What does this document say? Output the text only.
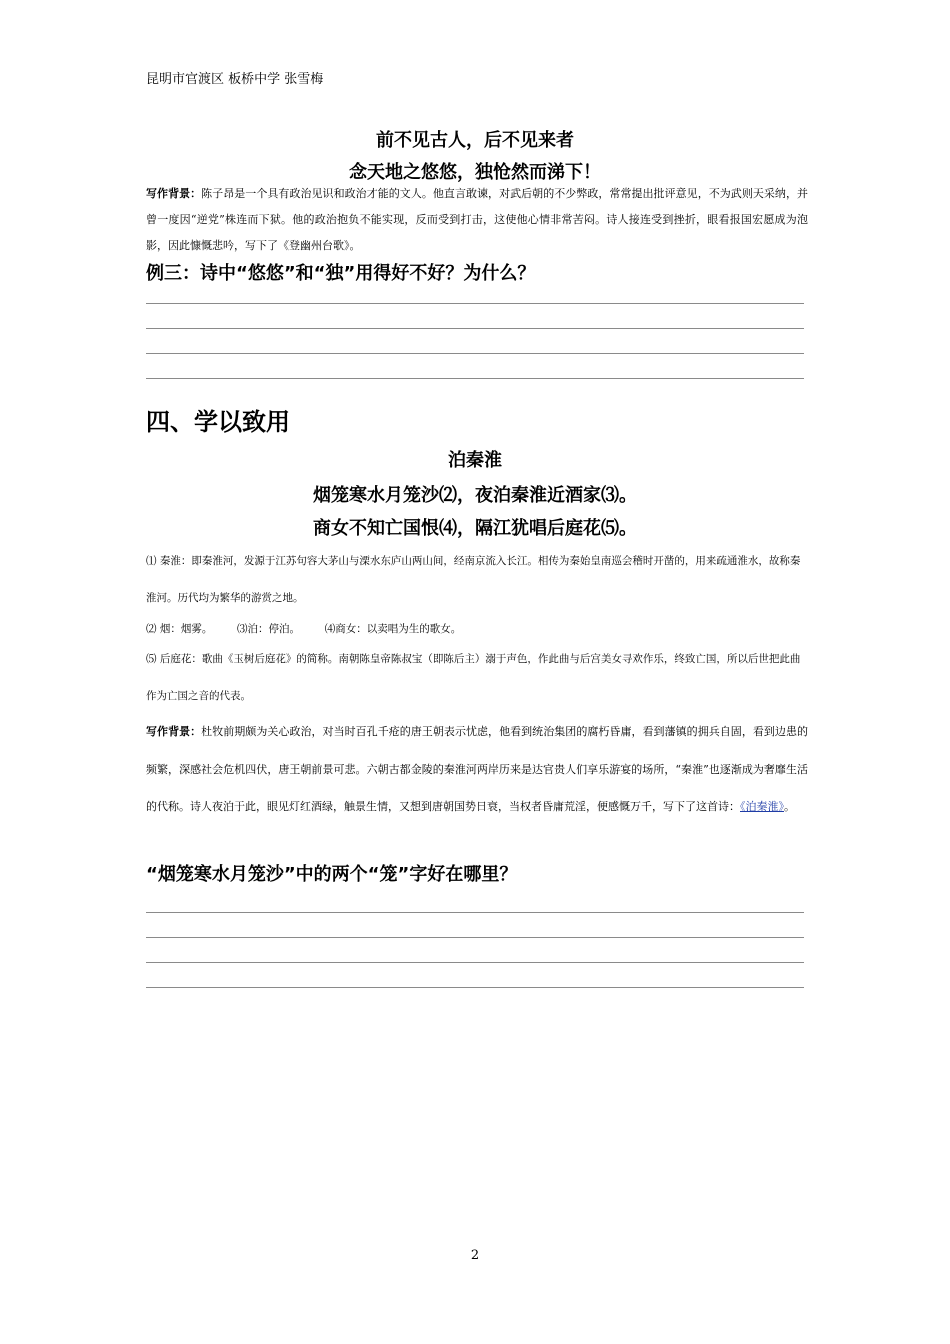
昆明市官渡区 板桥中学 张雪梅
前不见古人，后不见来者
念天地之悠悠，独怆然而涕下！
写作背景：陈子昂是一个具有政治见识和政治才能的文人。他直言敢谏，对武后朝的不少弊政，常常提出批评意见，不为武则天采纳，并曾一度因“逆党”株连而下狱。他的政治抱负不能实现，反而受到打击，这使他心情非常苦闷。诗人接连受到挫折，眼看报国宏愿成为泡影，因此慷慨悲吟，写下了《登幽州台歌》。
例三：诗中“悠悠”和“独”用得好不好？为什么？
四、学以致用
泊秦淮
烟笼寒水月笼沙⑵，夜泊秦淮近酒家⑶。
商女不知亡国恨⑷，隔江犹唱后庭花⑸。
⑴ 秦淮：即秦淮河，发源于江苏句容大茅山与溧水东庐山两山间，经南京流入长江。相传为秦始皇南巡会稽时开凿的，用来疏通淮水，故称秦淮河。历代均为繁华的游赏之地。
⑵ 烟：烟雾。 ⑶泊：停泊。 ⑷商女：以卖唱为生的歌女。
⑸ 后庭花：歌曲《玉树后庭花》的简称。南朝陈皇帝陈叔宝（即陈后主）溺于声色，作此曲与后宫美女寻欢作乐，终致亡国，所以后世把此曲作为亡国之音的代表。
写作背景：杜牧前期颇为关心政治，对当时百孔千疮的唐王朝表示忧虑，他看到统治集团的腐朽昏庸，看到藩镇的拥兵自固，看到边患的频繁，深感社会危机四伏，唐王朝前景可悲。六朝古都金陵的秦淮河两岸历来是达官贵人们享乐游宴的场所，“秦淮”也逐渐成为奢靡生活的代称。诗人夜泊于此，眼见灯红酒绿，触景生情，又想到唐朝国势日衰，当权者昏庸荒淫，便感慨万千，写下了这首诗：《泊秦淮》。
“烟笼寒水月笼沙”中的两个“笼”字好在哪里？
2
